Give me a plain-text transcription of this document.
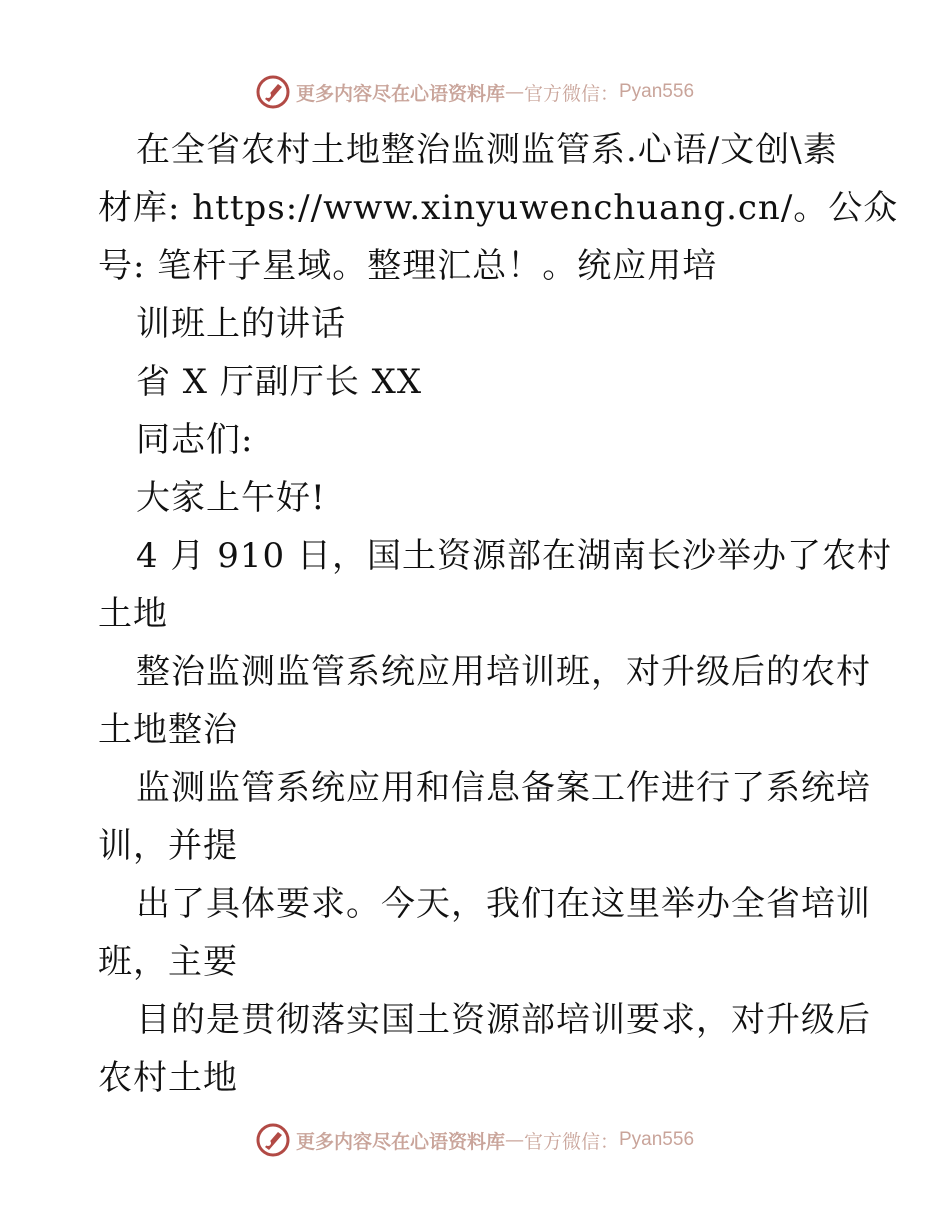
更多内容尽在心语资料库 — 官方微信： Pyan556
在全省农村土地整治监测监管系.心语/文创\素
材库: https://www.xinyuwenchuang.cn/。公众
号: 笔杆子星域。整理汇总！。统应用培
训班上的讲话
省 X 厅副厅长 XX
同志们:
大家上午好!
4 月 910 日，国土资源部在湖南长沙举办了农村
土地
整治监测监管系统应用培训班，对升级后的农村
土地整治
监测监管系统应用和信息备案工作进行了系统培
训，并提
出了具体要求。今天，我们在这里举办全省培训
班，主要
目的是贯彻落实国土资源部培训要求，对升级后
农村土地
更多内容尽在心语资料库 — 官方微信： Pyan556
